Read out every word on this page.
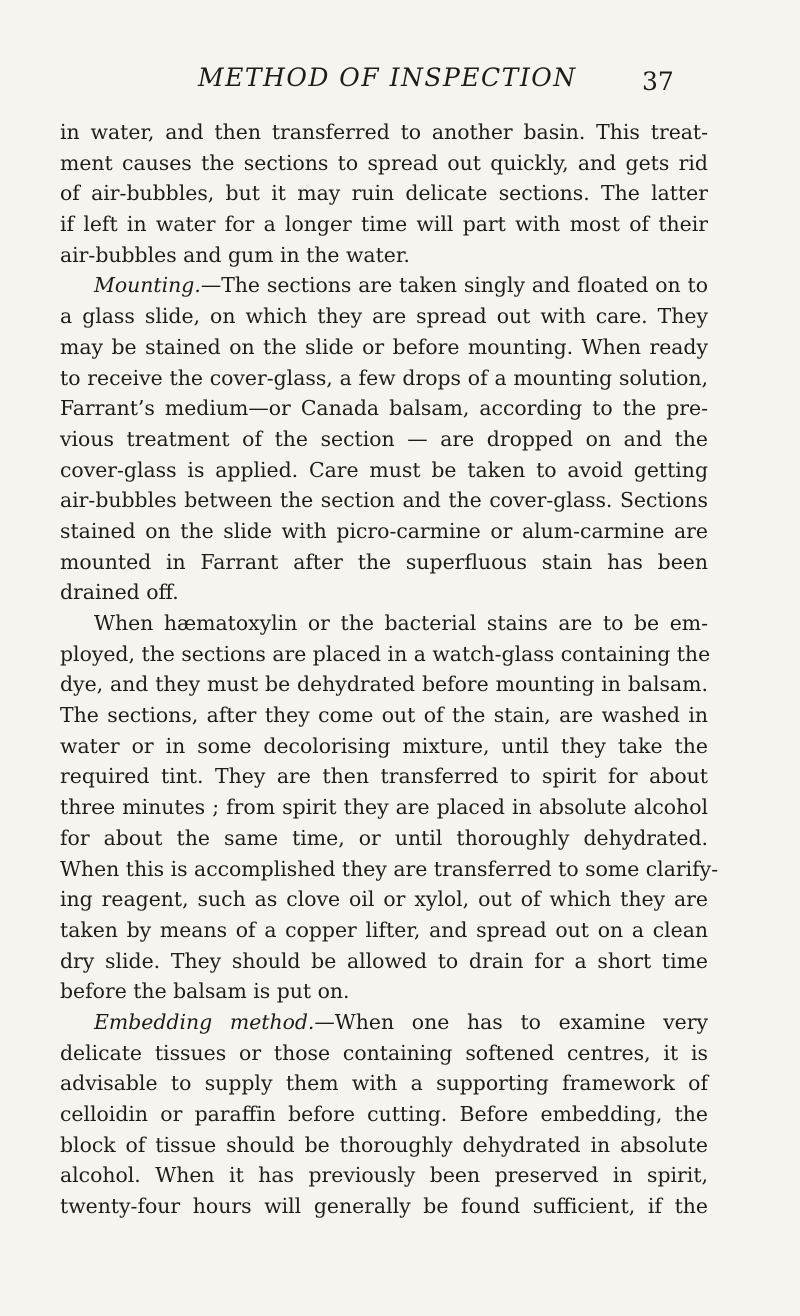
METHOD OF INSPECTION	37
in water, and then transferred to another basin. This treat-
ment causes the sections to spread out quickly, and gets rid
of air-bubbles, but it may ruin delicate sections. The latter
if left in water for a longer time will part with most of their
air-bubbles and gum in the water.
Mounting.—The sections are taken singly and floated on to
a glass slide, on which they are spread out with care. They
may be stained on the slide or before mounting. When ready
to receive the cover-glass, a few drops of a mounting solution,
Farrant’s medium—or Canada balsam, according to the pre-
vious treatment of the section — are dropped on and the
cover-glass is applied. Care must be taken to avoid getting
air-bubbles between the section and the cover-glass. Sections
stained on the slide with picro-carmine or alum-carmine are
mounted in Farrant after the superfluous stain has been
drained off.
When hæmatoxylin or the bacterial stains are to be em-
ployed, the sections are placed in a watch-glass containing the
dye, and they must be dehydrated before mounting in balsam.
The sections, after they come out of the stain, are washed in
water or in some decolorising mixture, until they take the
required tint. They are then transferred to spirit for about
three minutes ; from spirit they are placed in absolute alcohol
for about the same time, or until thoroughly dehydrated.
When this is accomplished they are transferred to some clarify-
ing reagent, such as clove oil or xylol, out of which they are
taken by means of a copper lifter, and spread out on a clean
dry slide. They should be allowed to drain for a short time
before the balsam is put on.
Embedding method.—When one has to examine very
delicate tissues or those containing softened centres, it is
advisable to supply them with a supporting framework of
celloidin or paraffin before cutting. Before embedding, the
block of tissue should be thoroughly dehydrated in absolute
alcohol. When it has previously been preserved in spirit,
twenty-four hours will generally be found sufficient, if the
